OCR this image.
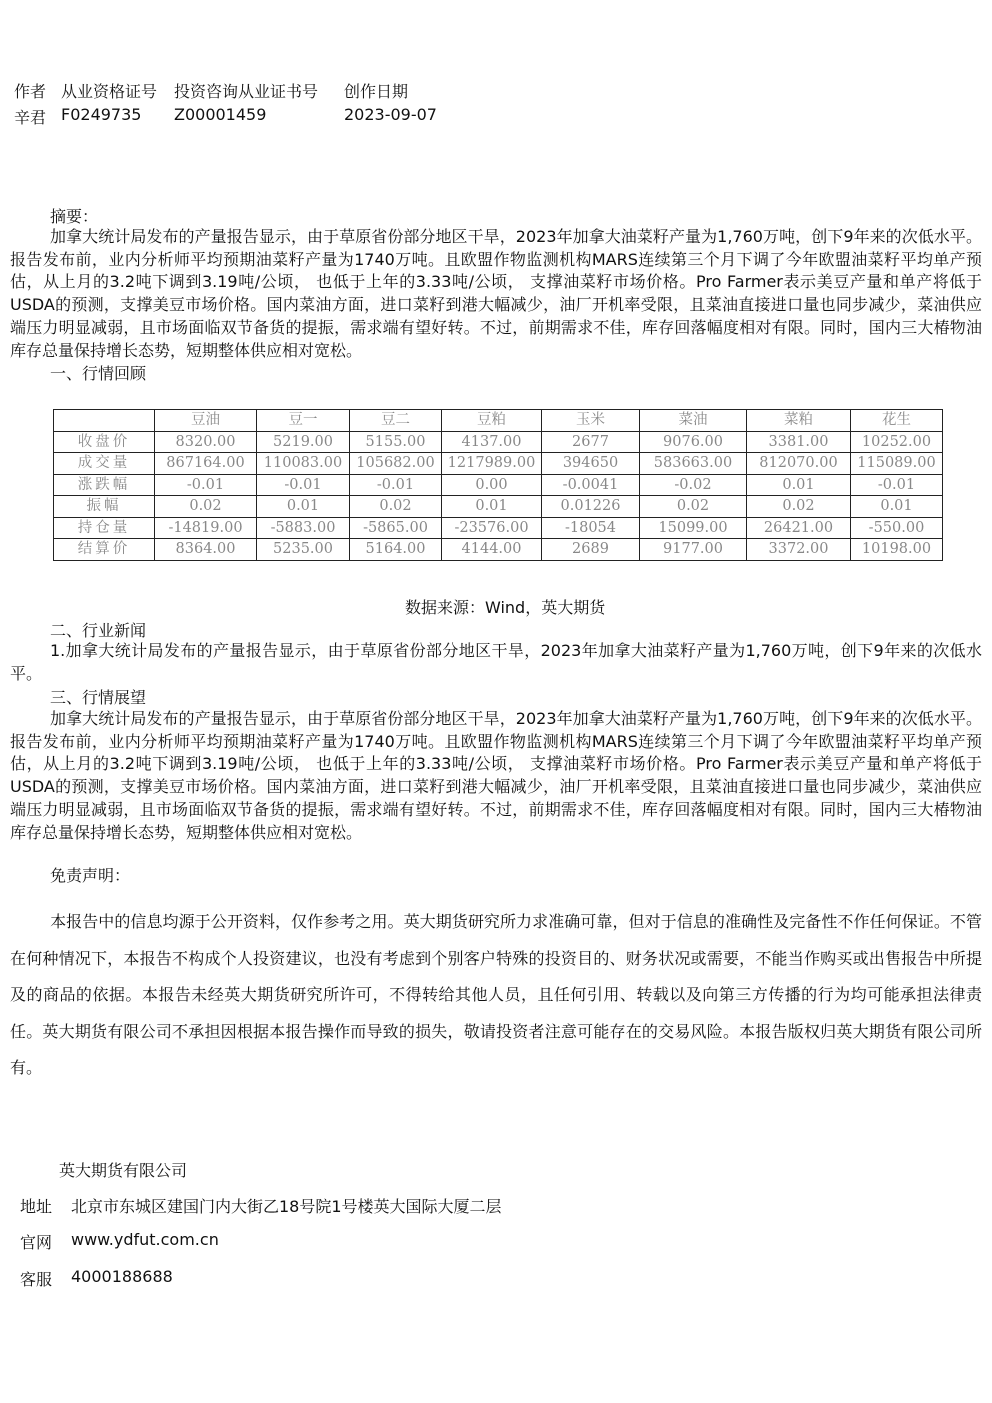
作者 从业资格证号 投资咨询从业证书号 创作日期
辛君 F0249735 Z00001459	2023-09-07
摘要：
加拿大统计局发布的产量报告显示，由于草原省份部分地区干旱，2023年加拿大油菜籽产量为1,760万吨，创下9年来的次低水平。报告发布前，业内分析师平均预期油菜籽产量为1740万吨。且欧盟作物监测机构MARS连续第三个月下调了今年欧盟油菜籽平均单产预估，从上月的3.2吨下调到3.19吨/公顷， 也低于上年的3.33吨/公顷， 支撑油菜籽市场价格。Pro Farmer表示美豆产量和单产将低于USDA的预测，支撑美豆市场价格。国内菜油方面，进口菜籽到港大幅减少，油厂开机率受限，且菜油直接进口量也同步减少，菜油供应端压力明显减弱，且市场面临双节备货的提振，需求端有望好转。不过，前期需求不佳，库存回落幅度相对有限。同时，国内三大椿物油库存总量保持增长态势，短期整体供应相对宽松。
一、行情回顾
	豆油	豆一	豆二	豆粕	玉米	菜油	菜粕	花生
收盘价	8320.00	5219.00	5155.00	4137.00	2677	9076.00	3381.00	10252.00
成交量	867164.00	110083.00	105682.00	1217989.00	394650	583663.00	812070.00	115089.00
涨跌幅	-0.01	-0.01	-0.01	0.00	-0.0041	-0.02	0.01	-0.01
振幅	0.02	0.01	0.02	0.01	0.01226	0.02	0.02	0.01
持仓量	-14819.00	-5883.00	-5865.00	-23576.00	-18054	15099.00	26421.00	-550.00
结算价	8364.00	5235.00	5164.00	4144.00	2689	9177.00	3372.00	10198.00
数据来源：Wind，英大期货
二、行业新闻
1.加拿大统计局发布的产量报告显示，由于草原省份部分地区干旱，2023年加拿大油菜籽产量为1,760万吨，创下9年来的次低水平。
三、行情展望
加拿大统计局发布的产量报告显示，由于草原省份部分地区干旱，2023年加拿大油菜籽产量为1,760万吨，创下9年来的次低水平。报告发布前，业内分析师平均预期油菜籽产量为1740万吨。且欧盟作物监测机构MARS连续第三个月下调了今年欧盟油菜籽平均单产预估，从上月的3.2吨下调到3.19吨/公顷， 也低于上年的3.33吨/公顷， 支撑油菜籽市场价格。Pro Farmer表示美豆产量和单产将低于USDA的预测，支撑美豆市场价格。国内菜油方面，进口菜籽到港大幅减少，油厂开机率受限，且菜油直接进口量也同步减少，菜油供应端压力明显减弱，且市场面临双节备货的提振，需求端有望好转。不过，前期需求不佳，库存回落幅度相对有限。同时，国内三大椿物油库存总量保持增长态势，短期整体供应相对宽松。
免责声明：
本报告中的信息均源于公开资料，仅作参考之用。英大期货研究所力求准确可靠，但对于信息的准确性及完备性不作任何保证。不管在何种情况下，本报告不构成个人投资建议，也没有考虑到个别客户特殊的投资目的、财务状况或需要，不能当作购买或出售报告中所提及的商品的依据。本报告未经英大期货研究所许可，不得转给其他人员，且任何引用、转载以及向第三方传播的行为均可能承担法律责任。英大期货有限公司不承担因根据本报告操作而导致的损失，敬请投资者注意可能存在的交易风险。本报告版权归英大期货有限公司所有。
英大期货有限公司
地址 北京市东城区建国门内大街乙18号院1号楼英大国际大厦二层
官网 www.ydfut.com.cn
客服 4000188688
